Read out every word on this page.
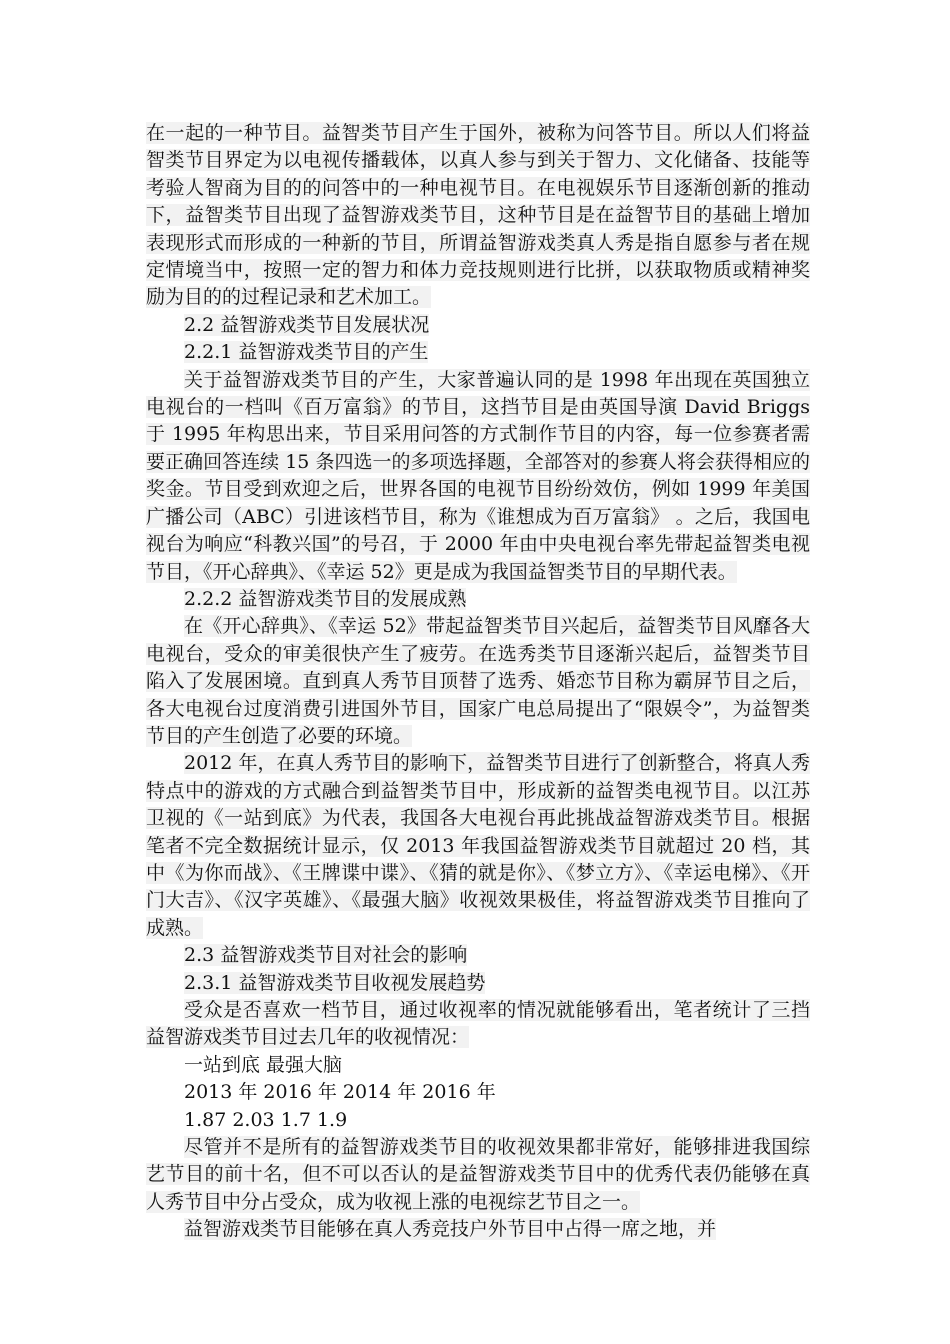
在一起的一种节目。益智类节目产生于国外，被称为问答节目。所以人们将益智类节目界定为以电视传播载体，以真人参与到关于智力、文化储备、技能等考验人智商为目的的问答中的一种电视节目。在电视娱乐节目逐渐创新的推动下，益智类节目出现了益智游戏类节目，这种节目是在益智节目的基础上增加表现形式而形成的一种新的节目，所谓益智游戏类真人秀是指自愿参与者在规定情境当中，按照一定的智力和体力竞技规则进行比拼，以获取物质或精神奖励为目的的过程记录和艺术加工。

2.2 益智游戏类节目发展状况

2.2.1 益智游戏类节目的产生

关于益智游戏类节目的产生，大家普遍认同的是 1998 年出现在英国独立电视台的一档叫《百万富翁》的节目，这挡节目是由英国导演 David Briggs 于 1995 年构思出来，节目采用问答的方式制作节目的内容，每一位参赛者需要正确回答连续 15 条四选一的多项选择题，全部答对的参赛人将会获得相应的奖金。节目受到欢迎之后，世界各国的电视节目纷纷效仿，例如 1999 年美国广播公司（ABC）引进该档节目，称为《谁想成为百万富翁》 。之后，我国电视台为响应“科教兴国”的号召，于 2000 年由中央电视台率先带起益智类电视节目，《开心辞典》、《幸运 52》更是成为我国益智类节目的早期代表。

2.2.2 益智游戏类节目的发展成熟

在《开心辞典》、《幸运 52》带起益智类节目兴起后，益智类节目风靡各大电视台，受众的审美很快产生了疲劳。在选秀类节目逐渐兴起后，益智类节目陷入了发展困境。直到真人秀节目顶替了选秀、婚恋节目称为霸屏节目之后，各大电视台过度消费引进国外节目，国家广电总局提出了“限娱令”，为益智类节目的产生创造了必要的环境。

2012 年，在真人秀节目的影响下，益智类节目进行了创新整合，将真人秀特点中的游戏的方式融合到益智类节目中，形成新的益智类电视节目。以江苏卫视的《一站到底》为代表，我国各大电视台再此挑战益智游戏类节目。根据笔者不完全数据统计显示，仅 2013 年我国益智游戏类节目就超过 20 档，其中《为你而战》、《王牌谍中谍》、《猜的就是你》、《梦立方》、《幸运电梯》、《开门大吉》、《汉字英雄》、《最强大脑》收视效果极佳，将益智游戏类节目推向了成熟。

2.3 益智游戏类节目对社会的影响

2.3.1 益智游戏类节目收视发展趋势

受众是否喜欢一档节目，通过收视率的情况就能够看出，笔者统计了三挡益智游戏类节目过去几年的收视情况：

一站到底 最强大脑

2013 年 2016 年 2014 年 2016 年

1.87 2.03 1.7 1.9

尽管并不是所有的益智游戏类节目的收视效果都非常好，能够排进我国综艺节目的前十名，但不可以否认的是益智游戏类节目中的优秀代表仍能够在真人秀节目中分占受众，成为收视上涨的电视综艺节目之一。

益智游戏类节目能够在真人秀竞技户外节目中占得一席之地，并
